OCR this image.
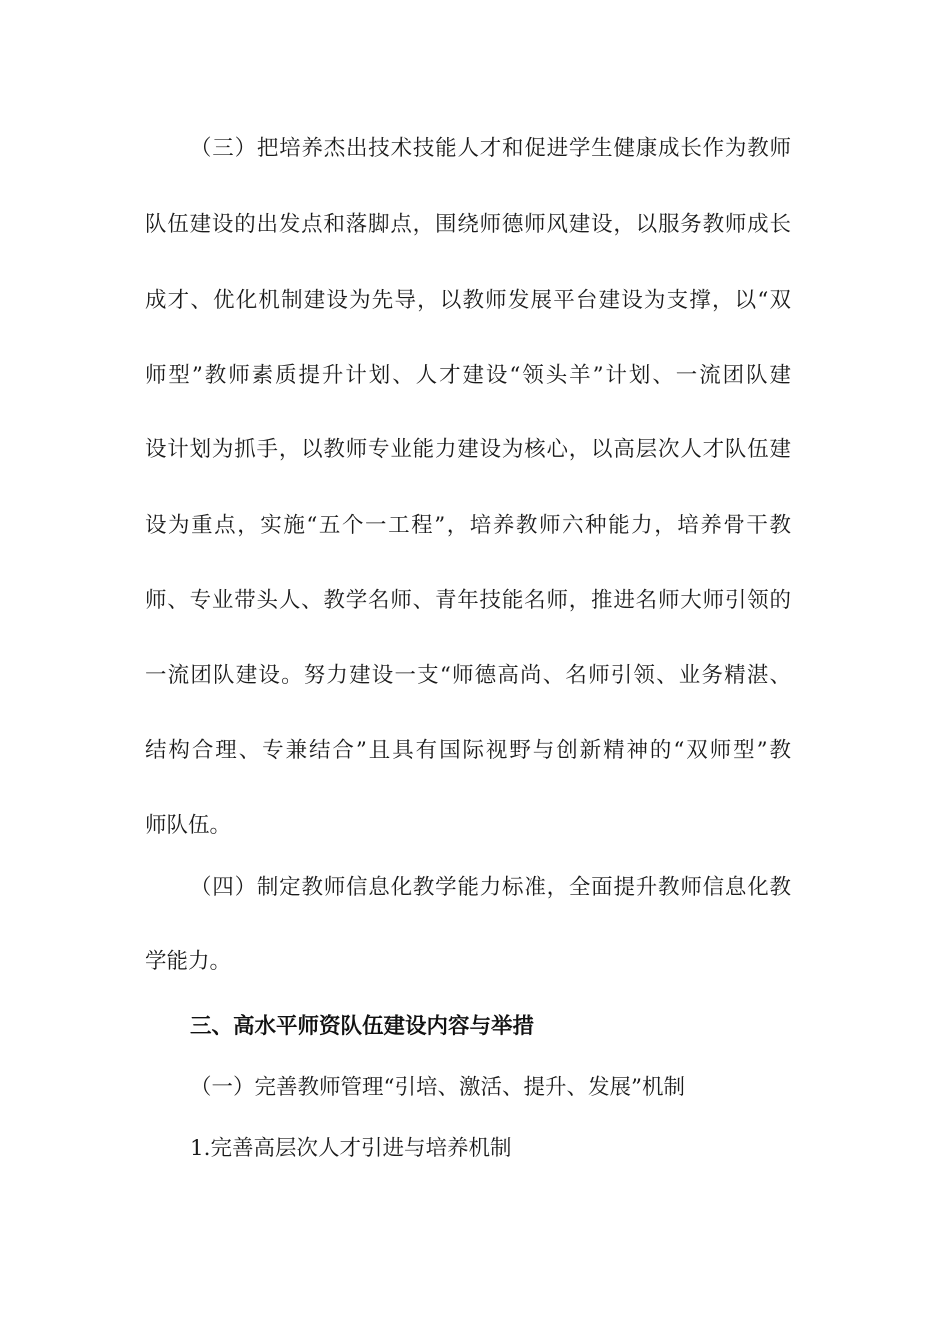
（三）把培养杰出技术技能人才和促进学生健康成长作为教师
队伍建设的出发点和落脚点，围绕师德师风建设，以服务教师成长
成才、优化机制建设为先导，以教师发展平台建设为支撑，以“双
师型”教师素质提升计划、人才建设“领头羊”计划、一流团队建
设计划为抓手，以教师专业能力建设为核心，以高层次人才队伍建
设为重点，实施“五个一工程”，培养教师六种能力，培养骨干教
师、专业带头人、教学名师、青年技能名师，推进名师大师引领的
一流团队建设。努力建设一支“师德高尚、名师引领、业务精湛、
结构合理、专兼结合”且具有国际视野与创新精神的“双师型”教
师队伍。
（四）制定教师信息化教学能力标准，全面提升教师信息化教
学能力。
三、高水平师资队伍建设内容与举措
（一）完善教师管理“引培、激活、提升、发展”机制
1.完善高层次人才引进与培养机制
